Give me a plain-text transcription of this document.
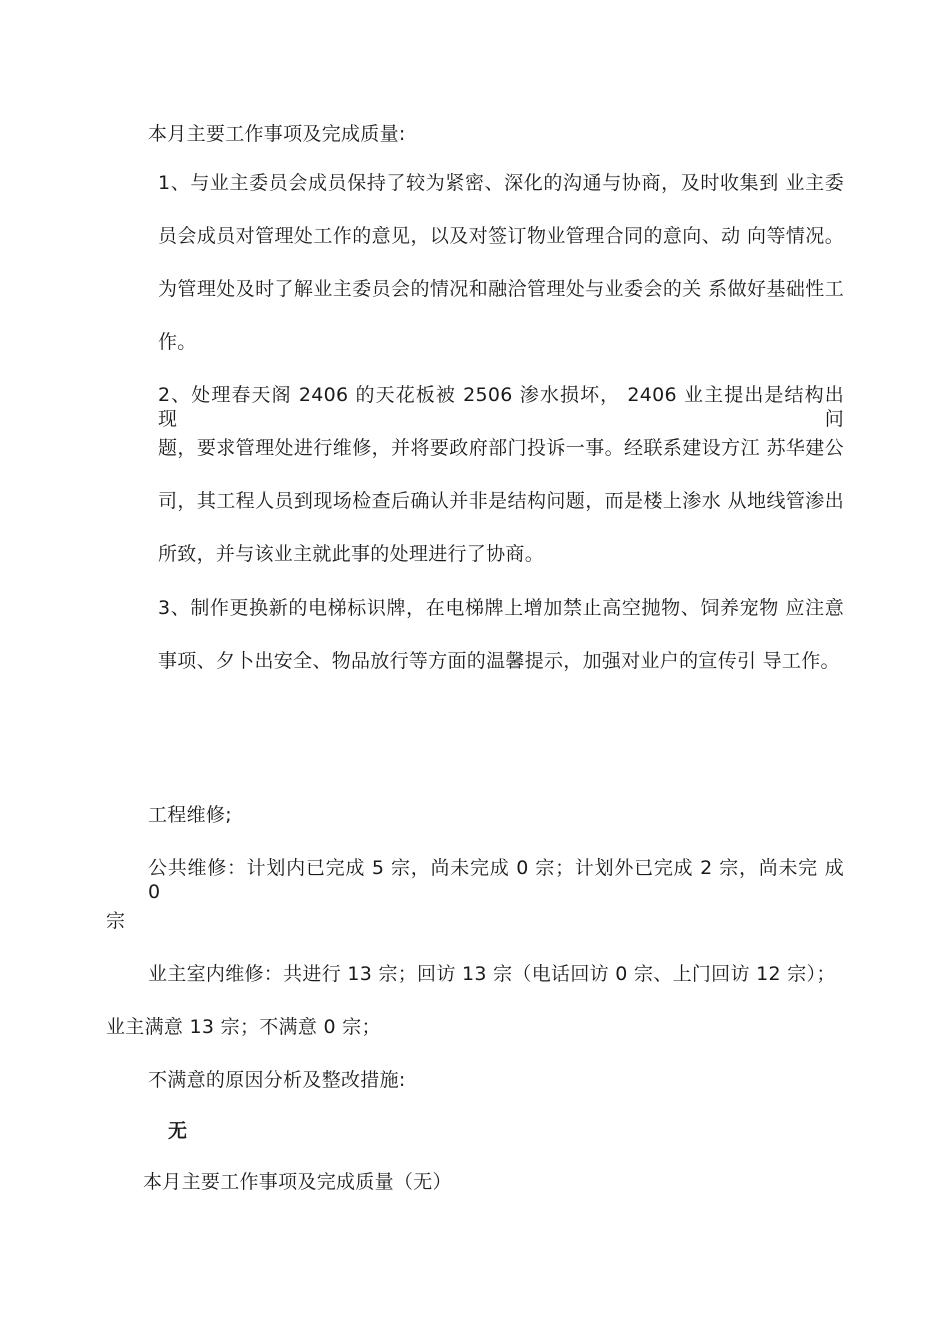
本月主要工作事项及完成质量:
1、与业主委员会成员保持了较为紧密、深化的沟通与协商，及时收集到 业主委
员会成员对管理处工作的意见，以及对签订物业管理合同的意向、动 向等情况。
为管理处及时了解业主委员会的情况和融洽管理处与业委会的关 系做好基础性工
作。
2、处理春天阁 2406 的天花板被 2506 渗水损坏， 2406 业主提出是结构出 现问
题，要求管理处进行维修，并将要政府部门投诉一事。经联系建设方江 苏华建公
司，其工程人员到现场检查后确认并非是结构问题，而是楼上渗水 从地线管渗出
所致，并与该业主就此事的处理进行了协商。
3、制作更换新的电梯标识牌，在电梯牌上增加禁止高空抛物、饲养宠物 应注意
事项、夕卜出安全、物品放行等方面的温馨提示，加强对业户的宣传引 导工作。
工程维修;
公共维修：计划内已完成 5 宗，尚未完成 0 宗；计划外已完成 2 宗，尚未完 成 0
宗
业主室内维修：共进行 13 宗；回访 13 宗（电话回访 0 宗、上门回访 12 宗）；
业主满意 13 宗；不满意 0 宗；
不满意的原因分析及整改措施:
无
本月主要工作事项及完成质量（无）
